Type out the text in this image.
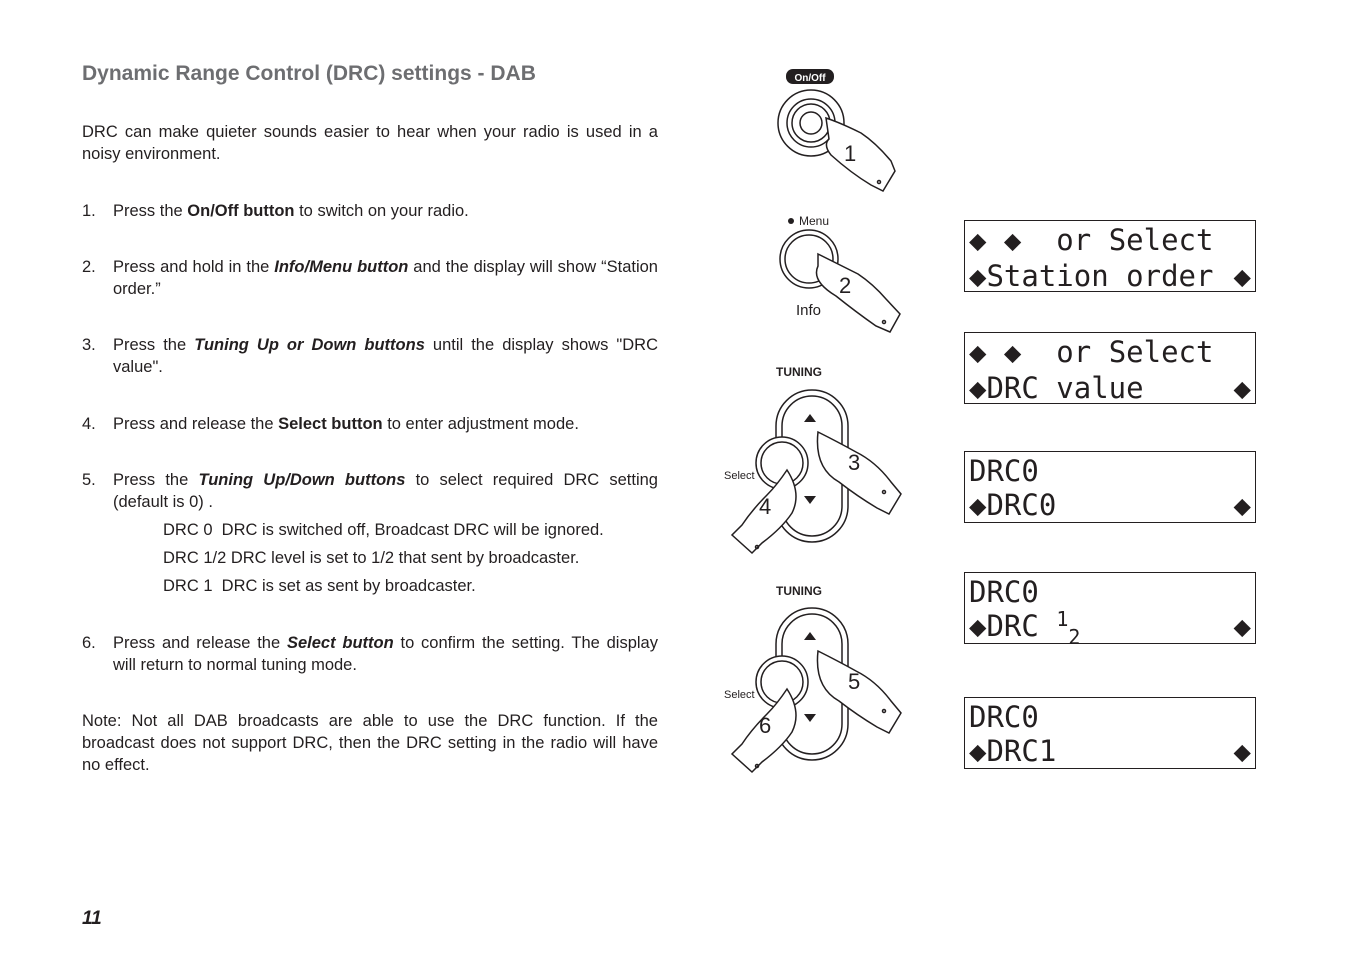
Dynamic Range Control (DRC) settings - DAB

DRC can make quieter sounds easier to hear when your radio is used in a noisy environment.

1. Press the On/Off button to switch on your radio.
2. Press and hold in the Info/Menu button and the display will show “Station order.”
3. Press the Tuning Up or Down buttons until the display shows "DRC value".
4. Press and release the Select button to enter adjustment mode.
5. Press the Tuning Up/Down buttons to select required DRC setting (default is 0) .
DRC 0  DRC is switched off, Broadcast DRC will be ignored.
DRC 1/2 DRC level is set to 1/2 that sent by broadcaster.
DRC 1  DRC is set as sent by broadcaster.
6. Press and release the Select button to confirm the setting. The display will return to normal tuning mode.

Note: Not all DAB broadcasts are able to use the DRC function. If the broadcast does not support DRC, then the DRC setting in the radio will have no effect.

11
On/Off
Menu
Info
TUNING
TUNING
Select
Select
1
2
3
4
5
6
◆ ◆  or Select
◆Station order ◆
◆ ◆  or Select
◆DRC value	◆
DRC0
◆DRC0	◆
DRC0
◆DRC $^1_2$	◆
DRC0
◆DRC1	◆
